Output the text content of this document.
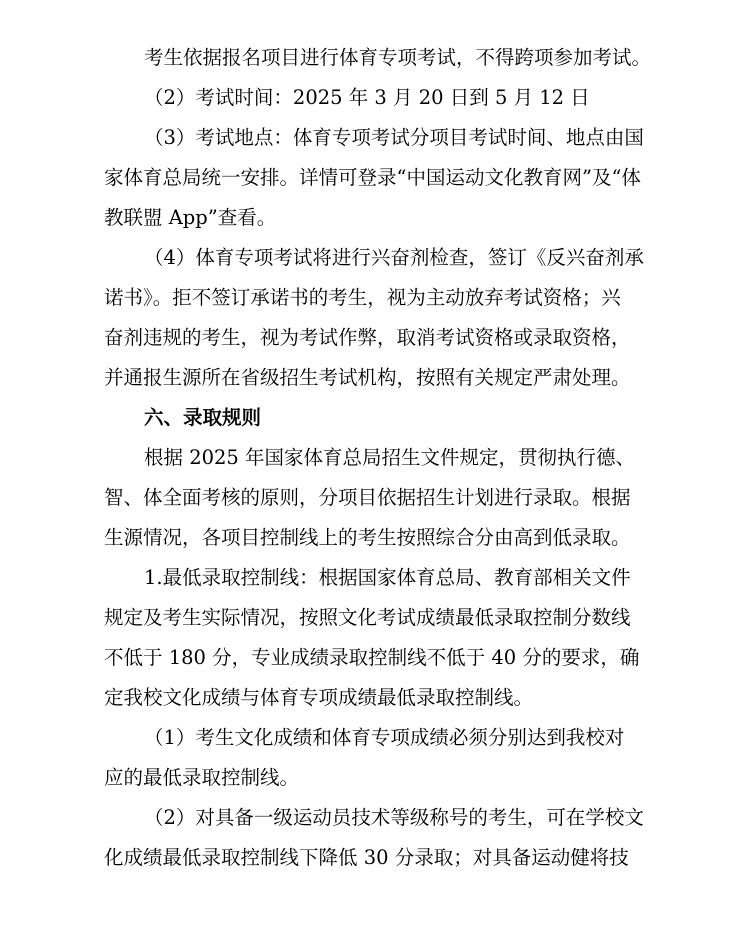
考生依据报名项目进行体育专项考试，不得跨项参加考试。

（2）考试时间：2025 年 3 月 20 日到 5 月 12 日

（3）考试地点：体育专项考试分项目考试时间、地点由国
家体育总局统一安排。详情可登录“中国运动文化教育网”及“体
教联盟 App”查看。

（4）体育专项考试将进行兴奋剂检查，签订《反兴奋剂承
诺书》。拒不签订承诺书的考生，视为主动放弃考试资格；兴
奋剂违规的考生，视为考试作弊，取消考试资格或录取资格，
并通报生源所在省级招生考试机构，按照有关规定严肃处理。

六、录取规则

根据 2025 年国家体育总局招生文件规定，贯彻执行德、
智、体全面考核的原则，分项目依据招生计划进行录取。根据
生源情况，各项目控制线上的考生按照综合分由高到低录取。

1.最低录取控制线：根据国家体育总局、教育部相关文件
规定及考生实际情况，按照文化考试成绩最低录取控制分数线
不低于 180 分，专业成绩录取控制线不低于 40 分的要求，确
定我校文化成绩与体育专项成绩最低录取控制线。

（1）考生文化成绩和体育专项成绩必须分别达到我校对
应的最低录取控制线。

（2）对具备一级运动员技术等级称号的考生，可在学校文
化成绩最低录取控制线下降低 30 分录取；对具备运动健将技
